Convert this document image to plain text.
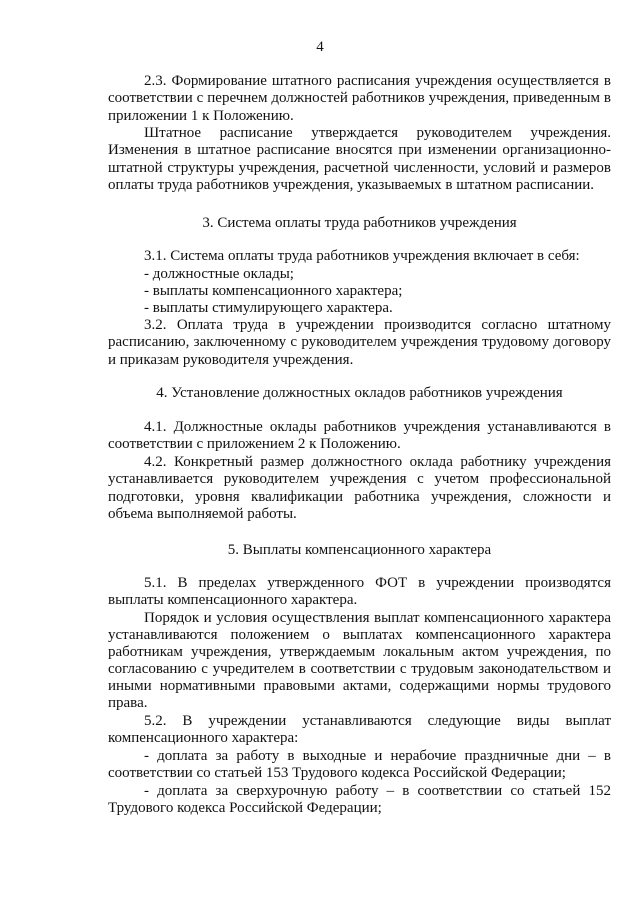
4
2.3. Формирование штатного расписания учреждения осуществляется в соответствии с перечнем должностей работников учреждения, приведенным в приложении 1 к Положению.
Штатное расписание утверждается руководителем учреждения. Изменения в штатное расписание вносятся при изменении организационно-штатной структуры учреждения, расчетной численности, условий и размеров оплаты труда работников учреждения, указываемых в штатном расписании.
3. Система оплаты труда работников учреждения
3.1. Система оплаты труда работников учреждения включает в себя:
- должностные оклады;
- выплаты компенсационного характера;
- выплаты стимулирующего характера.
3.2. Оплата труда в учреждении производится согласно штатному расписанию, заключенному с руководителем учреждения трудовому договору и приказам руководителя учреждения.
4. Установление должностных окладов работников учреждения
4.1. Должностные оклады работников учреждения устанавливаются в соответствии с приложением 2 к Положению.
4.2. Конкретный размер должностного оклада работнику учреждения устанавливается руководителем учреждения с учетом профессиональной подготовки, уровня квалификации работника учреждения, сложности и объема выполняемой работы.
5. Выплаты компенсационного характера
5.1. В пределах утвержденного ФОТ в учреждении производятся выплаты компенсационного характера.
Порядок и условия осуществления выплат компенсационного характера устанавливаются положением о выплатах компенсационного характера работникам учреждения, утверждаемым локальным актом учреждения, по согласованию с учредителем в соответствии с трудовым законодательством и иными нормативными правовыми актами, содержащими нормы трудового права.
5.2. В учреждении устанавливаются следующие виды выплат компенсационного характера:
- доплата за работу в выходные и нерабочие праздничные дни – в соответствии со статьей 153 Трудового кодекса Российской Федерации;
- доплата за сверхурочную работу – в соответствии со статьей 152 Трудового кодекса Российской Федерации;
